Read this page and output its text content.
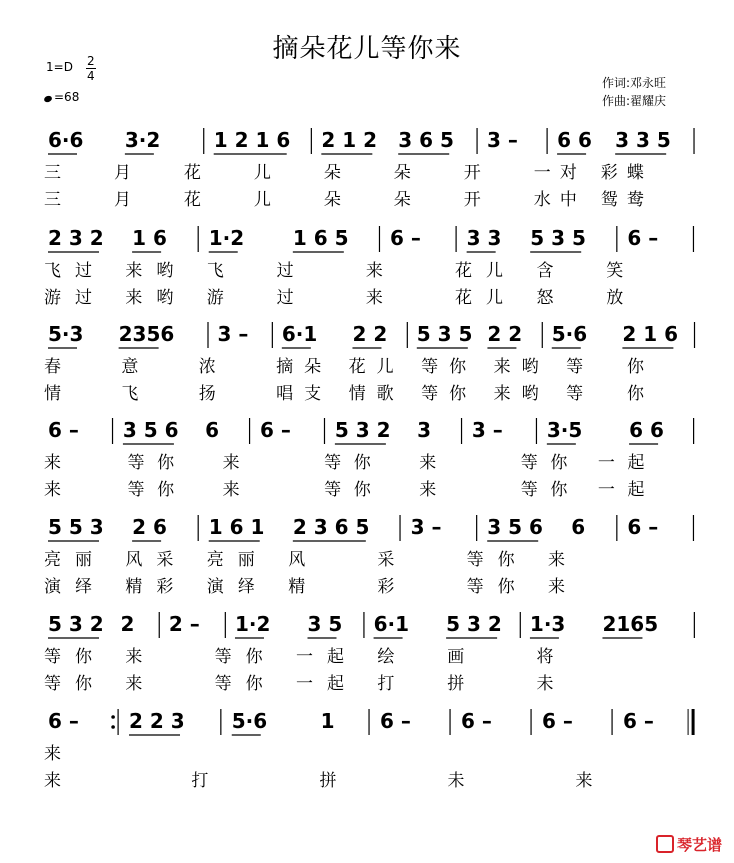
摘朵花儿等你来
1=D 2
4
=68
作词:邓永旺
作曲:翟耀庆
6·6 3·2	1 2 1 6 2 1 2 3 6 5 3 – 6 6 3 3 5
三   月   花   儿   朵   朵   开   一对 彩蝶
三   月   花   儿   朵   朵   开   水中 鸳鸯
2 3 2 1 6 1·2 1 6 5 6 – 3 3 5 3 5 6 –
飞过 来哟 飞  过   来   花儿 含  笑
游过 来哟 游  过   来   花儿 怒  放
5·3 2356 3 – 6·1 2 2 5 3 5 2 2 5·6 2 1 6
春   意   浓   摘朵 花儿 等你 来哟 等  你
情   飞   扬   唱支 情歌 等你 来哟 等  你
6 – 3 5 6 6 6 – 5 3 2 3 3 – 3·5 6 6
来   等你  来    等你  来    等你 一起
来   等你  来    等你  来    等你 一起
5 5 3 2 6 1 6 1 2 3 6 5 3 – 3 5 6 6 6 –
亮丽 风采 亮丽 风   采   等你 来
演绎 精彩 演绎 精   彩   等你 来
5 3 2 2 2 – 1·2 3 5 6·1 5 3 2 1·3 2165
等你 来   等你 一起 绘  画   将
等你 来   等你 一起 打  拼   未
6 –	2 2 3 5·6	1 6 –	6 –	6 –	6 –
来
来      打     拼     未     来
琴艺谱
